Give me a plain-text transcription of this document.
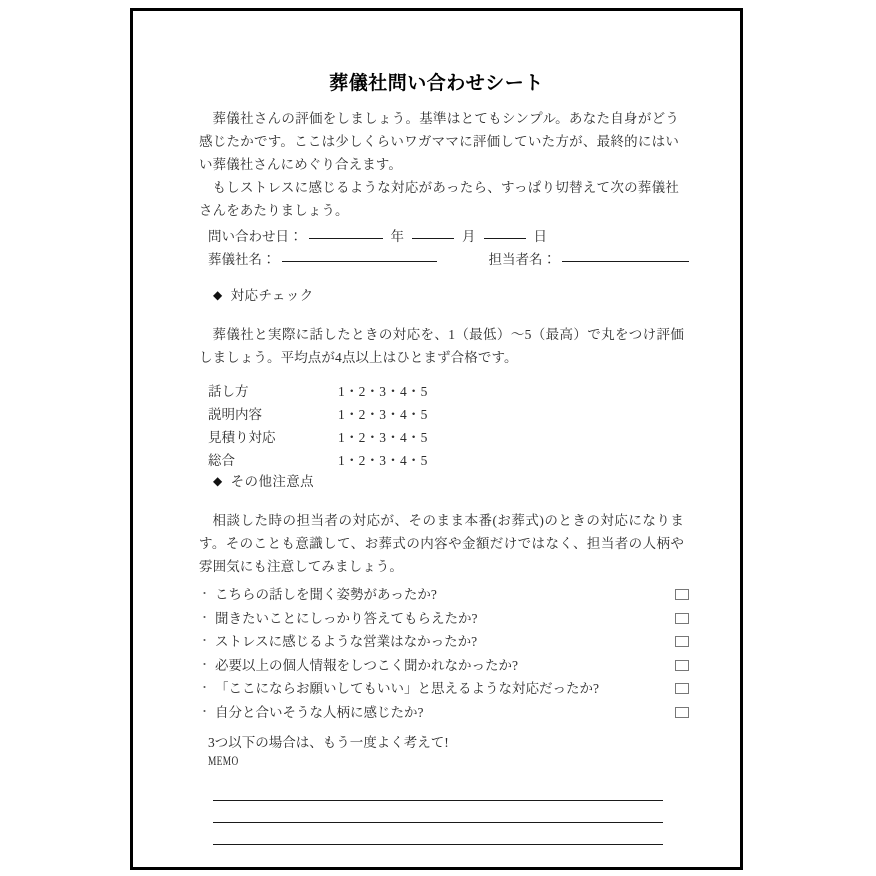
葬儀社問い合わせシート
葬儀社さんの評価をしましょう。基準はとてもシンプル。あなた自身がどう感じたかです。ここは少しくらいワガママに評価していた方が、最終的にはいい葬儀社さんにめぐり合えます。
もしストレスに感じるような対応があったら、すっぱり切替えて次の葬儀社さんをあたりましょう。
問い合わせ日：	年	月	日
葬儀社名：	担当者名：
◆ 対応チェック
葬儀社と実際に話したときの対応を、1（最低）～5（最高）で丸をつけ評価しましょう。平均点が4点以上はひとまず合格です。
話し方	1・2・3・4・5
説明内容	1・2・3・4・5
見積り対応	1・2・3・4・5
総合	1・2・3・4・5
◆ その他注意点
相談した時の担当者の対応が、そのまま本番(お葬式)のときの対応になります。そのことも意識して、お葬式の内容や金額だけではなく、担当者の人柄や雰囲気にも注意してみましょう。
・ こちらの話しを聞く姿勢があったか?
・ 聞きたいことにしっかり答えてもらえたか?
・ ストレスに感じるような営業はなかったか?
・ 必要以上の個人情報をしつこく聞かれなかったか?
・ 「ここにならお願いしてもいい」と思えるような対応だったか?
・ 自分と合いそうな人柄に感じたか?
3つ以下の場合は、もう一度よく考えて!
MEMO
